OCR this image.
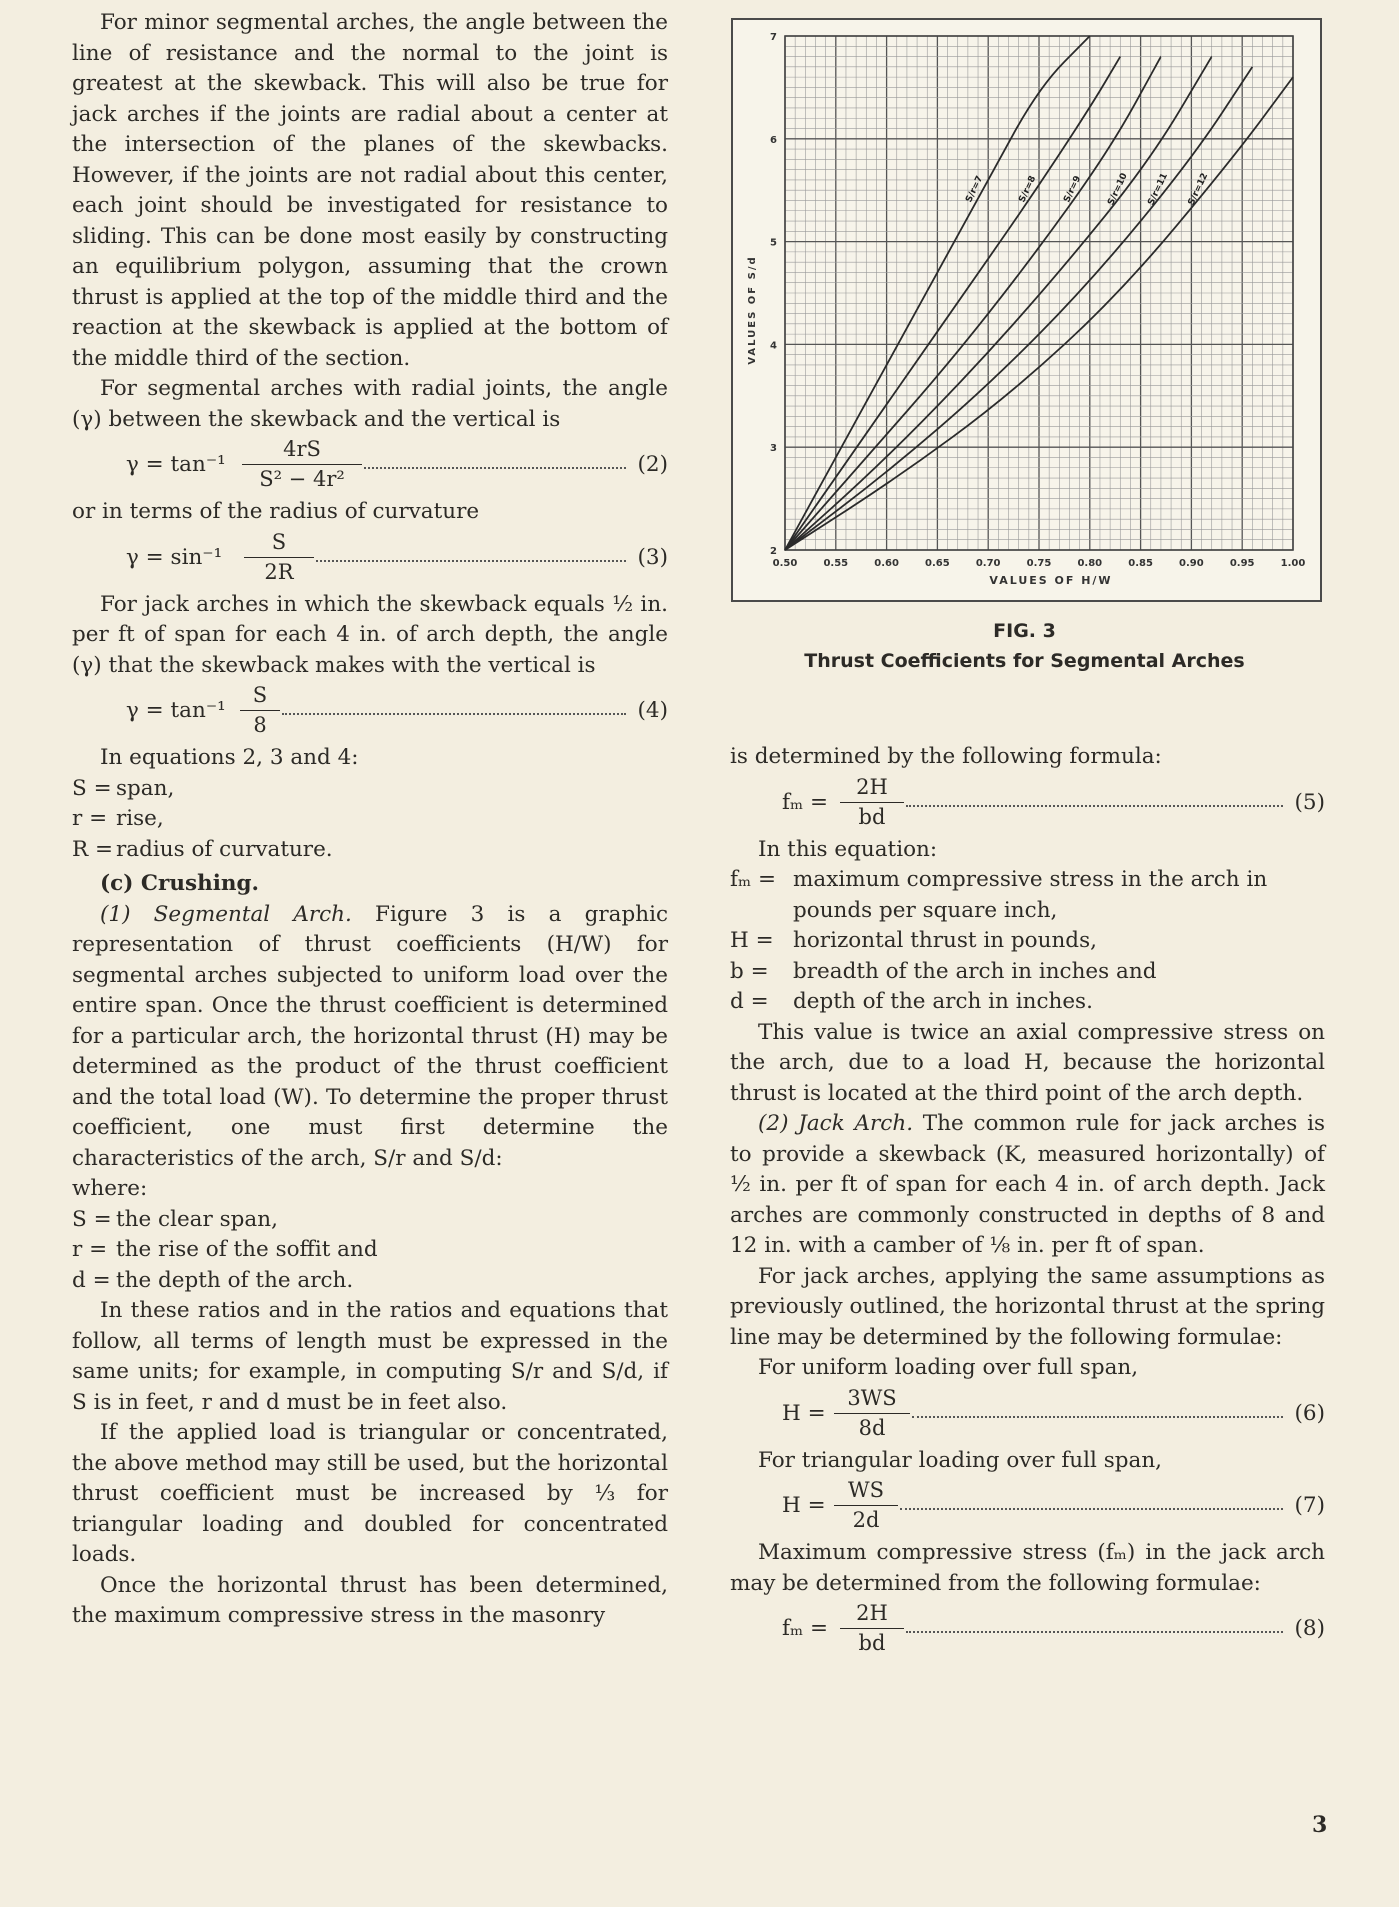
For minor segmental arches, the angle between the line of resistance and the normal to the joint is greatest at the skewback. This will also be true for jack arches if the joints are radial about a center at the intersection of the planes of the skewbacks. However, if the joints are not radial about this center, each joint should be investigated for resistance to sliding. This can be done most easily by constructing an equilibrium polygon, assuming that the crown thrust is applied at the top of the middle third and the reaction at the skewback is applied at the bottom of the middle third of the section.

For segmental arches with radial joints, the angle (γ) between the skewback and the vertical is

$\gamma = \tan^{-1} \frac{4rS}{\text{S² − 4r²}}$	(2)

or in terms of the radius of curvature

$\gamma = \sin^{-1} \frac{S}{2R}$	(3)

For jack arches in which the skewback equals ½ in. per ft of span for each 4 in. of arch depth, the angle (γ) that the skewback makes with the vertical is

$\gamma = \tan^{-1} \frac{S}{8}$	(4)

In equations 2, 3 and 4:

S = span,
r = rise,
R = radius of curvature.

(c) Crushing.

(1) Segmental Arch. Figure 3 is a graphic representation of thrust coefficients (H/W) for segmental arches subjected to uniform load over the entire span. Once the thrust coefficient is determined for a particular arch, the horizontal thrust (H) may be determined as the product of the thrust coefficient and the total load (W). To determine the proper thrust coefficient, one must first determine the characteristics of the arch, S/r and S/d:

where:

S = the clear span,
r = the rise of the soffit and
d = the depth of the arch.

In these ratios and in the ratios and equations that follow, all terms of length must be expressed in the same units; for example, in computing S/r and S/d, if S is in feet, r and d must be in feet also.

If the applied load is triangular or concentrated, the above method may still be used, but the horizontal thrust coefficient must be increased by ⅓ for triangular loading and doubled for concentrated loads.

Once the horizontal thrust has been determined, the maximum compressive stress in the masonry

0.50	0.55	0.60	0.65	0.70	0.75	0.80	0.85	0.90	0.95	1.00
2
3
4
5
6
7
S/r=7	S/r=8	S/r=9	S/r=10 S/r=11 S/r=12
VALUES OF H/W
VALUES OF S/d
FIG. 3
Thrust Coefficients for Segmental Arches

is determined by the following formula:

$f_m = \frac{2H}{bd}$	(5)

In this equation:

fₘ = maximum compressive stress in the arch in pounds per square inch,
H = horizontal thrust in pounds,
b = breadth of the arch in inches and
d = depth of the arch in inches.

This value is twice an axial compressive stress on the arch, due to a load H, because the horizontal thrust is located at the third point of the arch depth.

(2) Jack Arch. The common rule for jack arches is to provide a skewback (K, measured horizontally) of ½ in. per ft of span for each 4 in. of arch depth. Jack arches are commonly constructed in depths of 8 and 12 in. with a camber of ⅛ in. per ft of span.

For jack arches, applying the same assumptions as previously outlined, the horizontal thrust at the spring line may be determined by the following formulae:

For uniform loading over full span,

$H = \frac{3WS}{8d}$	(6)

For triangular loading over full span,

$H = \frac{WS}{2d}$	(7)

Maximum compressive stress (fₘ) in the jack arch may be determined from the following formulae:

$f_m = \frac{2H}{bd}$	(8)
3
